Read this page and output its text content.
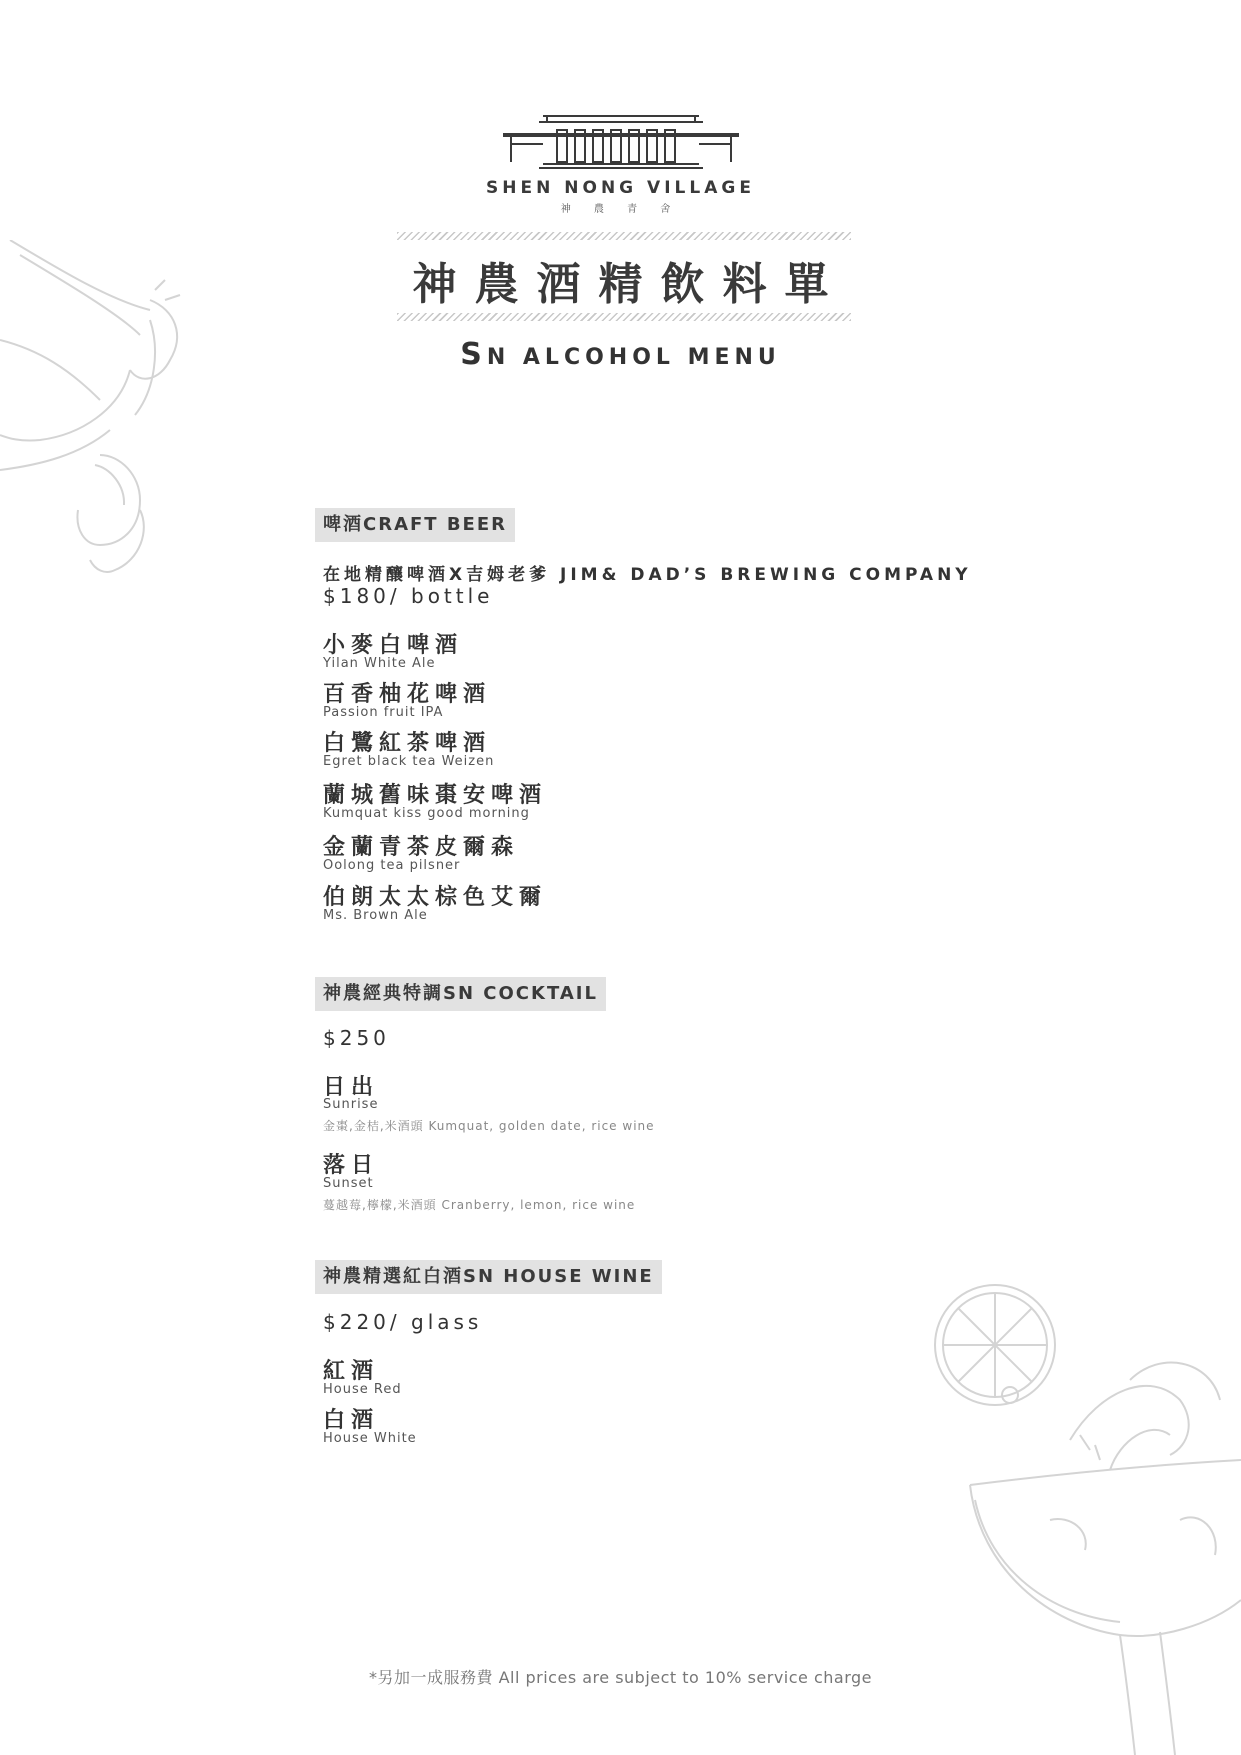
SHEN NONG VILLAGE
神 農 青 舍
神農酒精飲料單
SN ALCOHOL MENU
啤酒CRAFT BEER
在地精釀啤酒X吉姆老爹 JIM& DAD’S BREWING COMPANY
$180/ bottle
小麥白啤酒
Yilan White Ale
百香柚花啤酒
Passion fruit IPA
白鷺紅茶啤酒
Egret black tea Weizen
蘭城舊味棗安啤酒
Kumquat kiss good morning
金蘭青茶皮爾森
Oolong tea pilsner
伯朗太太棕色艾爾
Ms. Brown Ale
神農經典特調SN COCKTAIL
$250
日出
Sunrise
金棗,金桔,米酒頭 Kumquat, golden date, rice wine
落日
Sunset
蔓越莓,檸檬,米酒頭 Cranberry, lemon, rice wine
神農精選紅白酒SN HOUSE WINE
$220/ glass
紅酒
House Red
白酒
House White
*另加一成服務費 All prices are subject to 10% service charge
